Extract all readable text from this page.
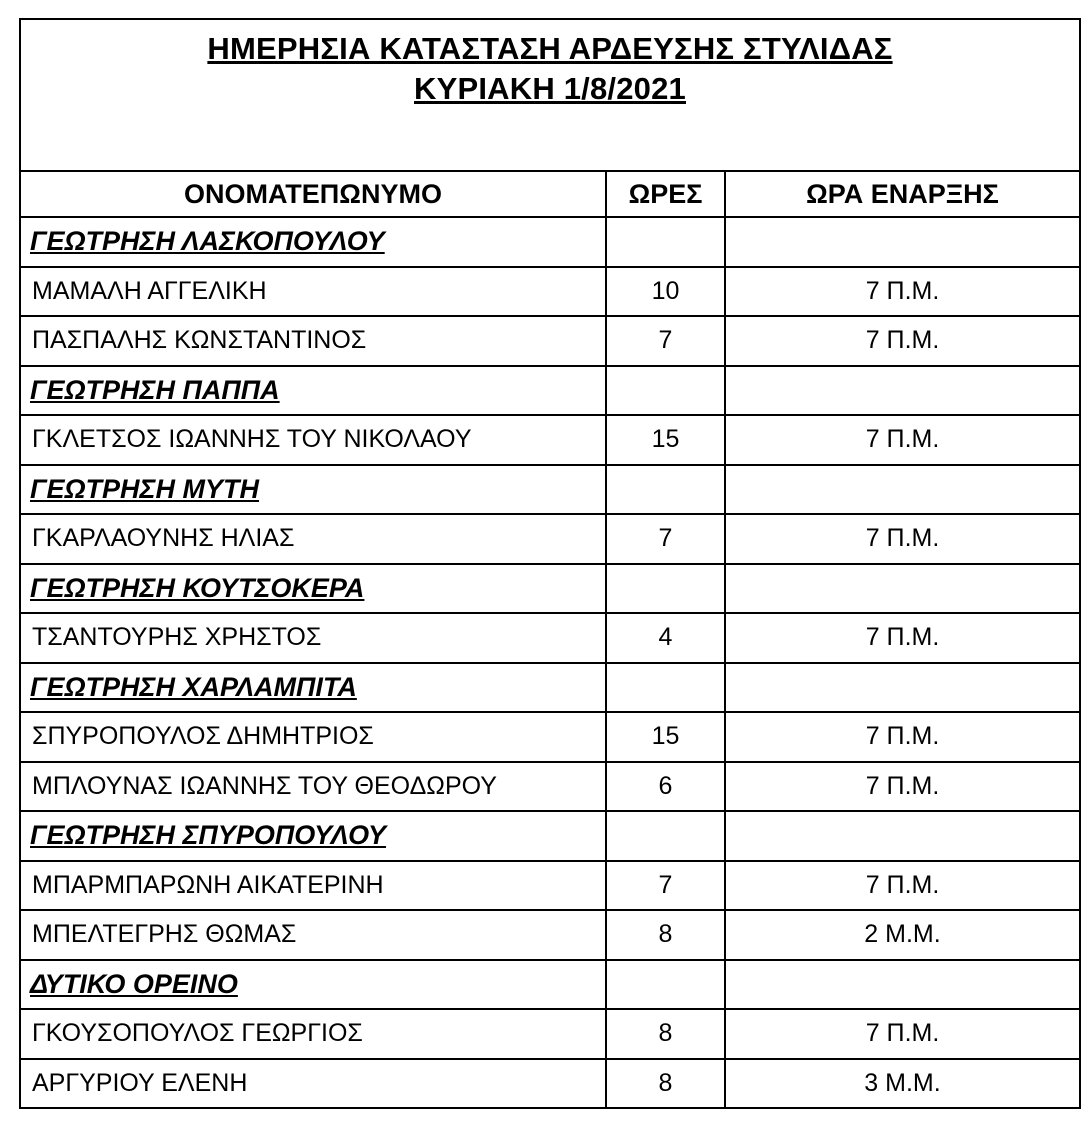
ΗΜΕΡΗΣΙΑ ΚΑΤΑΣΤΑΣΗ ΑΡΔΕΥΣΗΣ ΣΤΥΛΙΔΑΣ
ΚΥΡΙΑΚΗ 1/8/2021		

ΟΝΟΜΑΤΕΠΩΝΥΜΟ	ΩΡΕΣ	ΩΡΑ ΕΝΑΡΞΗΣ
ΓΕΩΤΡΗΣΗ ΛΑΣΚΟΠΟΥΛΟΥ		
ΜΑΜΑΛΗ ΑΓΓΕΛΙΚΗ	10	7 Π.Μ.
ΠΑΣΠΑΛΗΣ ΚΩΝΣΤΑΝΤΙΝΟΣ	7	7 Π.Μ.
ΓΕΩΤΡΗΣΗ ΠΑΠΠΑ		
ΓΚΛΕΤΣΟΣ ΙΩΑΝΝΗΣ ΤΟΥ ΝΙΚΟΛΑΟΥ	15	7 Π.Μ.
ΓΕΩΤΡΗΣΗ ΜΥΤΗ		
ΓΚΑΡΛΑΟΥΝΗΣ ΗΛΙΑΣ	7	7 Π.Μ.
ΓΕΩΤΡΗΣΗ ΚΟΥΤΣΟΚΕΡΑ		
ΤΣΑΝΤΟΥΡΗΣ ΧΡΗΣΤΟΣ	4	7 Π.Μ.
ΓΕΩΤΡΗΣΗ ΧΑΡΛΑΜΠΙΤΑ		
ΣΠΥΡΟΠΟΥΛΟΣ ΔΗΜΗΤΡΙΟΣ	15	7 Π.Μ.
ΜΠΛΟΥΝΑΣ ΙΩΑΝΝΗΣ ΤΟΥ ΘΕΟΔΩΡΟΥ	6	7 Π.Μ.
ΓΕΩΤΡΗΣΗ ΣΠΥΡΟΠΟΥΛΟΥ		
ΜΠΑΡΜΠΑΡΩΝΗ ΑΙΚΑΤΕΡΙΝΗ	7	7 Π.Μ.
ΜΠΕΛΤΕΓΡΗΣ ΘΩΜΑΣ	8	2 Μ.Μ.
ΔΥΤΙΚΟ ΟΡΕΙΝΟ		
ΓΚΟΥΣΟΠΟΥΛΟΣ ΓΕΩΡΓΙΟΣ	8	7 Π.Μ.
ΑΡΓΥΡΙΟΥ ΕΛΕΝΗ	8	3 Μ.Μ.
